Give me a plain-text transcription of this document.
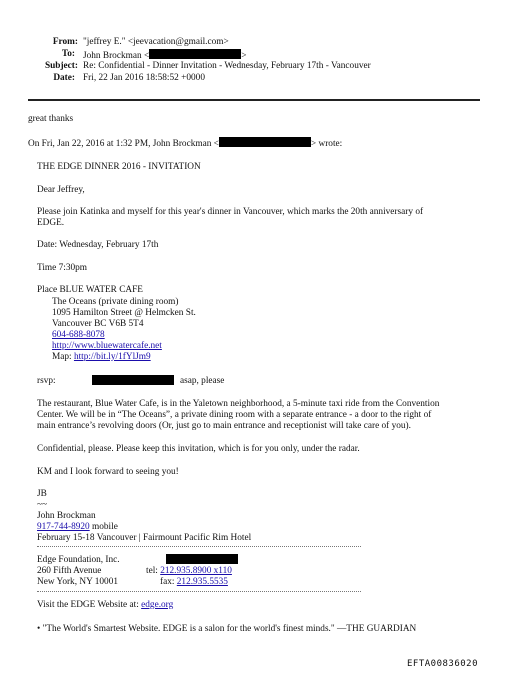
From: "jeffrey E." <jeevacation@gmail.com>
To: John Brockman <	>
Subject: Re: Confidential - Dinner Invitation - Wednesday, February 17th - Vancouver
Date: Fri, 22 Jan 2016 18:58:52 +0000
great thanks
On Fri, Jan 22, 2016 at 1:32 PM, John Brockman <	> wrote:
THE EDGE DINNER 2016 - INVITATION
Dear Jeffrey,
Please join Katinka and myself for this year's dinner in Vancouver, which marks the 20th anniversary of
EDGE.
Date: Wednesday, February 17th
Time 7:30pm
Place BLUE WATER CAFE
The Oceans (private dining room)
1095 Hamilton Street @ Helmcken St.
Vancouver BC V6B 5T4
604-688-8078
http://www.bluewatercafe.net
Map: http://bit.ly/1fYlJm9
rsvp:	asap, please
The restaurant, Blue Water Cafe, is in the Yaletown neighborhood, a 5-minute taxi ride from the Convention
Center. We will be in “The Oceans”, a private dining room with a separate entrance - a door to the right of
main entrance’s revolving doors (Or, just go to main entrance and receptionist will take care of you).
Confidential, please. Please keep this invitation, which is for you only, under the radar.
KM and I look forward to seeing you!
JB
~~
John Brockman
917-744-8920 mobile
February 15-18 Vancouver | Fairmount Pacific Rim Hotel
Edge Foundation, Inc.
260 Fifth Avenue
New York, NY 10001
tel: 212.935.8900 x110
fax: 212.935.5535
Visit the EDGE Website at: edge.org
• "The World's Smartest Website. EDGE is a salon for the world's finest minds." —THE GUARDIAN
EFTA00836020
